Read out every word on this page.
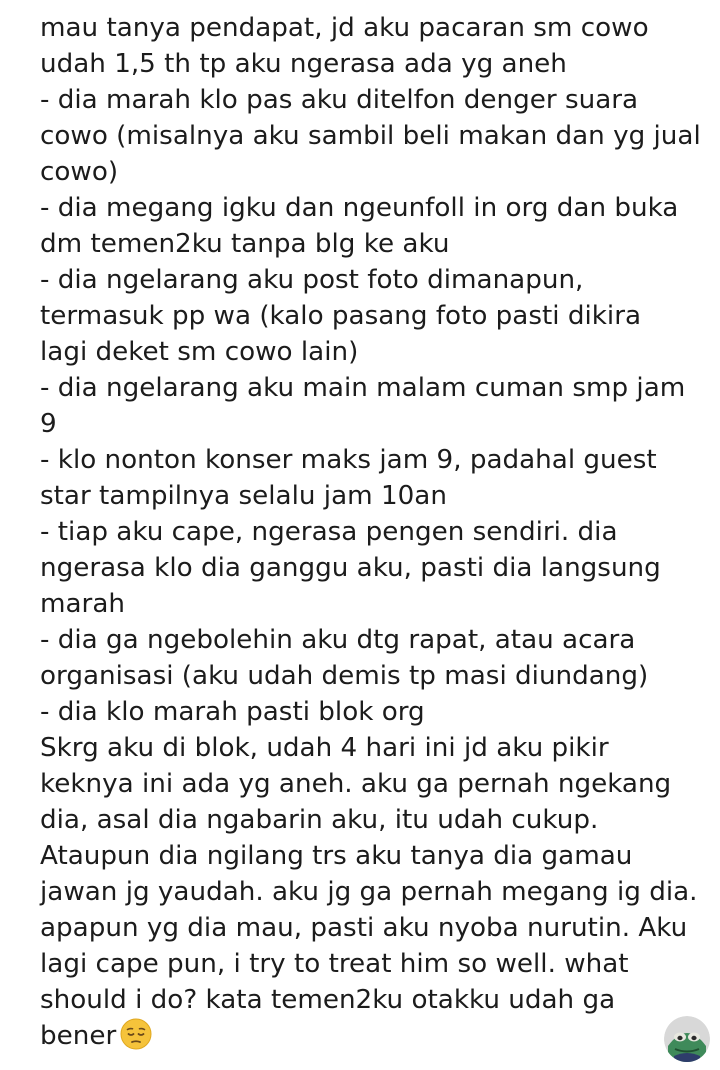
mau tanya pendapat, jd aku pacaran sm cowo
udah 1,5 th tp aku ngerasa ada yg aneh
- dia marah klo pas aku ditelfon denger suara
cowo (misalnya aku sambil beli makan dan yg jual
cowo)
- dia megang igku dan ngeunfoll in org dan buka
dm temen2ku tanpa blg ke aku
- dia ngelarang aku post foto dimanapun,
termasuk pp wa (kalo pasang foto pasti dikira
lagi deket sm cowo lain)
- dia ngelarang aku main malam cuman smp jam
9
- klo nonton konser maks jam 9, padahal guest
star tampilnya selalu jam 10an
- tiap aku cape, ngerasa pengen sendiri. dia
ngerasa klo dia ganggu aku, pasti dia langsung
marah
- dia ga ngebolehin aku dtg rapat, atau acara
organisasi (aku udah demis tp masi diundang)
- dia klo marah pasti blok org
Skrg aku di blok, udah 4 hari ini jd aku pikir
keknya ini ada yg aneh. aku ga pernah ngekang
dia, asal dia ngabarin aku, itu udah cukup.
Ataupun dia ngilang trs aku tanya dia gamau
jawan jg yaudah. aku jg ga pernah megang ig dia.
apapun yg dia mau, pasti aku nyoba nurutin. Aku
lagi cape pun, i try to treat him so well. what
should i do? kata temen2ku otakku udah ga
bener
